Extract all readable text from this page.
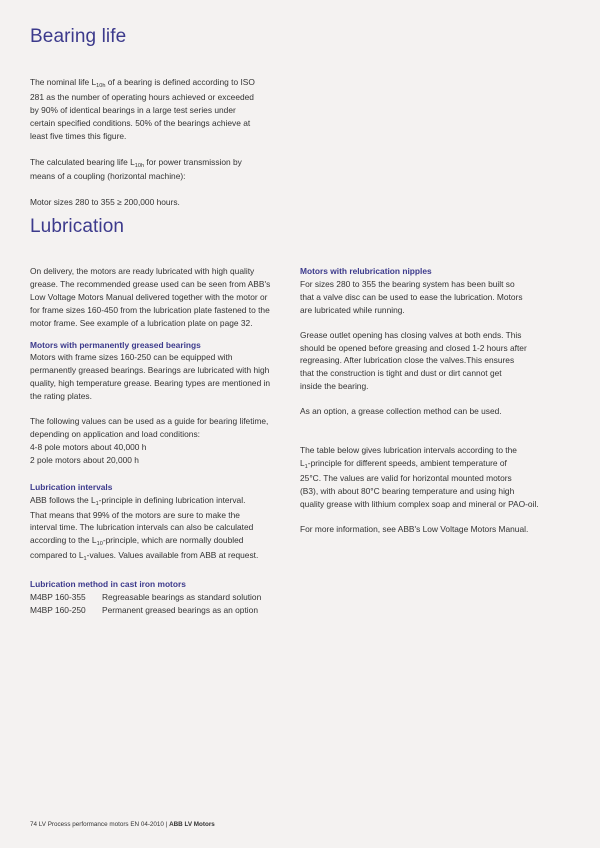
Bearing life

The nominal life $L_{10h}$ of a bearing is defined according to ISO
281 as the number of operating hours achieved or exceeded
by 90% of identical bearings in a large test series under
certain specified conditions. 50% of the bearings achieve at
least five times this figure.

The calculated bearing life $L_{10h}$ for power transmission by
means of a coupling (horizontal machine):

Motor sizes 280 to 355 ≥ 200,000 hours.

Lubrication

On delivery, the motors are ready lubricated with high quality
grease. The recommended grease used can be seen from ABB's
Low Voltage Motors Manual delivered together with the motor or
for frame sizes 160-450 from the lubrication plate fastened to the
motor frame. See example of a lubrication plate on page 32.

Motors with permanently greased bearings

Motors with frame sizes 160-250 can be equipped with
permanently greased bearings. Bearings are lubricated with high
quality, high temperature grease. Bearing types are mentioned in
the rating plates.

The following values can be used as a guide for bearing lifetime,
depending on application and load conditions:
4-8 pole motors about 40,000 h
2 pole motors about 20,000 h

Lubrication intervals

ABB follows the $L_1$-principle in defining lubrication interval.
That means that 99% of the motors are sure to make the
interval time. The lubrication intervals can also be calculated
according to the $L_{10}$-principle, which are normally doubled
compared to $L_1$-values. Values available from ABB at request.

Lubrication method in cast iron motors

M4BP 160-355	Regreasable bearings as standard solution
M4BP 160-250	Permanent greased bearings as an option

Motors with relubrication nipples

For sizes 280 to 355 the bearing system has been built so
that a valve disc can be used to ease the lubrication. Motors
are lubricated while running.

Grease outlet opening has closing valves at both ends. This
should be opened before greasing and closed 1-2 hours after
regreasing. After lubrication close the valves.This ensures
that the construction is tight and dust or dirt cannot get
inside the bearing.

As an option, a grease collection method can be used.

The table below gives lubrication intervals according to the
$L_1$-principle for different speeds, ambient temperature of
25°C. The values are valid for horizontal mounted motors
(B3), with about 80°C bearing temperature and using high
quality grease with lithium complex soap and mineral or PAO-oil.

For more information, see ABB's Low Voltage Motors Manual.

74 LV Process performance motors EN 04-2010 | ABB LV Motors
